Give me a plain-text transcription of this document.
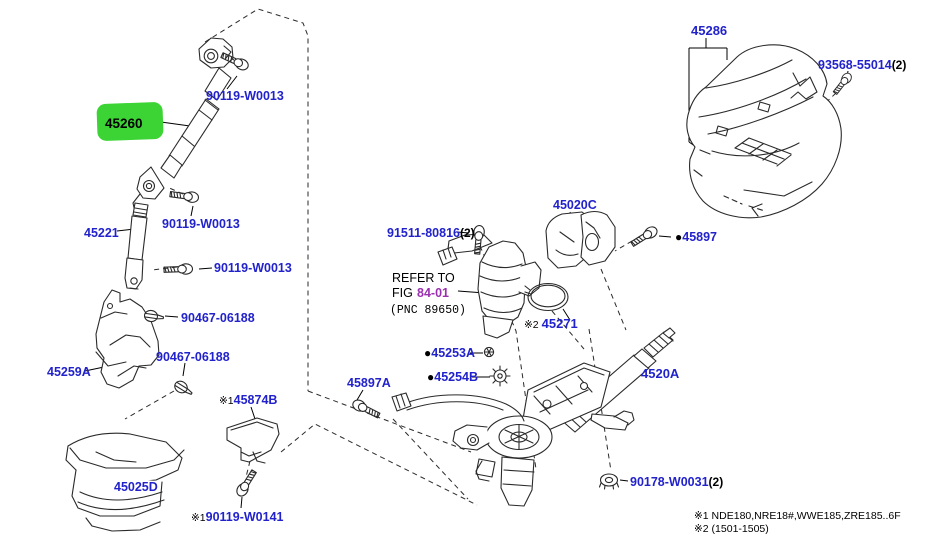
90119-W0013
45260
45221
90119-W0013
90119-W0013
90467-06188
90467-06188
45259A
※145874B
45025D
※190119-W0141
91511-80816(2)
REFER TO
FIG 84-01
(PNC 89650)
※2 45271
●45253A
●45254B
45897A
45286
93568-55014(2)
45020C
●45897
4520A
90178-W0031(2)
※1 NDE180,NRE18#,WWE185,ZRE185..6F
※2 (1501-1505)
